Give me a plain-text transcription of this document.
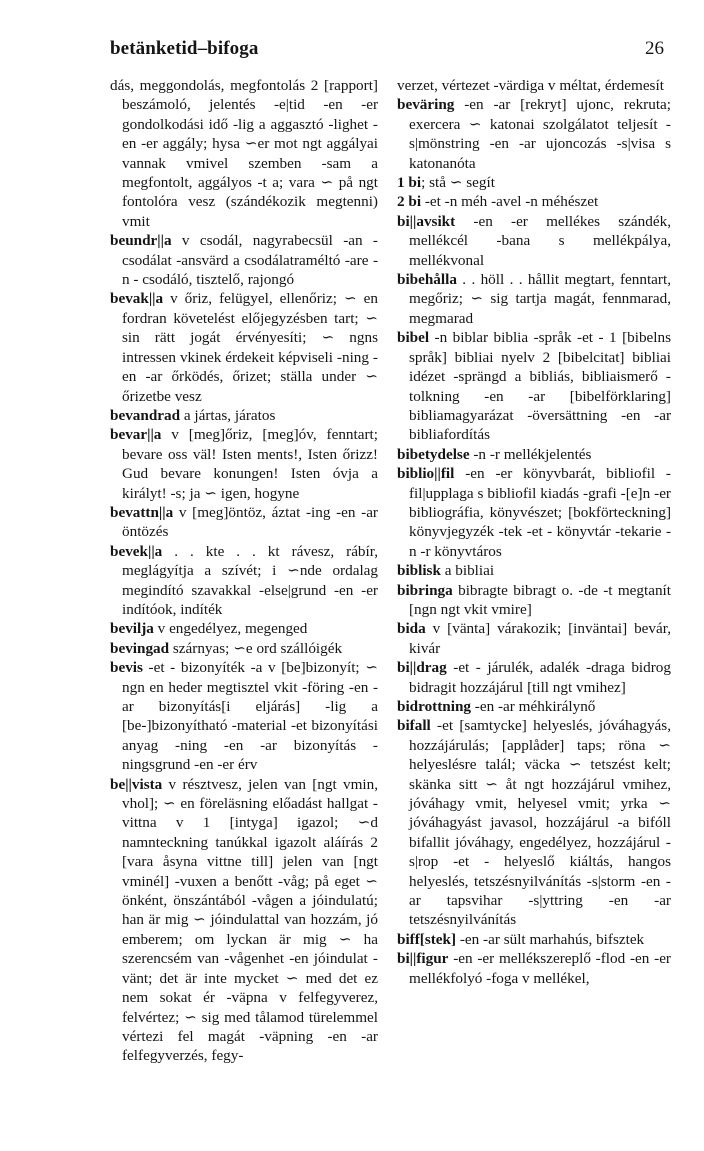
betänketid–bifoga	26

dás, meggondolás, megfontolás 2 [rapport] beszámoló, jelentés -e|tid -en -er gondolkodási idő -lig a aggasztó -lighet -en -er aggály; hysa ∽er mot ngt aggályai vannak vmivel szemben -sam a megfontolt, aggályos -t a; vara ∽ på ngt fontolóra vesz (szándékozik megtenni) vmit

beundr||a v csodál, nagyrabecsül -an - csodálat -ansvärd a csodálatraméltó -are -n - csodáló, tisztelő, rajongó

bevak||a v őriz, felügyel, ellenőriz; ∽ en fordran követelést előjegyzésben tart; ∽ sin rätt jogát érvényesíti; ∽ ngns intressen vkinek érdekeit képviseli -ning -en -ar őrködés, őrizet; ställa under ∽ őrizetbe vesz

bevandrad a jártas, járatos

bevar||a v [meg]őriz, [meg]óv, fenntart; bevare oss väl! Isten ments!, Isten őrizz! Gud bevare konungen! Isten óvja a királyt! -s; ja ∽ igen, hogyne

bevattn||a v [meg]öntöz, áztat -ing -en -ar öntözés

bevek||a . . kte . . kt rávesz, rábír, meglágyítja a szívét; i ∽nde ordalag megindító szavakkal -else|grund -en -er indítóok, indíték

bevilja v engedélyez, megenged

bevingad szárnyas; ∽e ord szállóigék

bevis -et - bizonyíték -a v [be]bizonyít; ∽ ngn en heder megtisztel vkit -föring -en -ar bizonyítás[i eljárás] -lig a [be-]bizonyítható -material -et bizonyítási anyag -ning -en -ar bizonyítás -ningsgrund -en -er érv

be||vista v résztvesz, jelen van [ngt vmin, vhol]; ∽ en föreläsning előadást hallgat -vittna v 1 [intyga] igazol; ∽d namnteckning tanúkkal igazolt aláírás 2 [vara åsyna vittne till] jelen van [ngt vminél] -vuxen a benőtt -våg; på eget ∽ önként, önszántából -vågen a jóindulatú; han är mig ∽ jóindulattal van hozzám, jó emberem; om lyckan är mig ∽ ha szerencsém van -vågenhet -en jóindulat -vänt; det är inte mycket ∽ med det ez nem sokat ér -väpna v felfegyverez, felvértez; ∽ sig med tålamod türelemmel vértezi fel magát -väpning -en -ar felfegyverzés, fegy-

verzet, vértezet -värdiga v méltat, érdemesít

beväring -en -ar [rekryt] ujonc, rekruta; exercera ∽ katonai szolgálatot teljesít -s|mönstring -en -ar ujoncozás -s|visa s katonanóta

1 bi; stå ∽ segít

2 bi -et -n méh -avel -n méhészet

bi||avsikt -en -er mellékes szándék, mellékcél -bana s mellékpálya, mellékvonal

bibehålla . . höll . . hållit megtart, fenntart, megőriz; ∽ sig tartja magát, fennmarad, megmarad

bibel -n biblar biblia -språk -et - 1 [bibelns språk] bibliai nyelv 2 [bibelcitat] bibliai idézet -sprängd a bibliás, bibliaismerő -tolkning -en -ar [bibelförklaring] bibliamagyarázat -översättning -en -ar bibliafordítás

bibetydelse -n -r mellékjelentés

biblio||fil -en -er könyvbarát, bibliofil -fil|upplaga s bibliofil kiadás -grafi -[e]n -er bibliográfia, könyvészet; [bokförteckning] könyvjegyzék -tek -et - könyvtár -tekarie -n -r könyvtáros

biblisk a bibliai

bibringa bibragte bibragt o. -de -t megtanít [ngn ngt vkit vmire]

bida v [vänta] várakozik; [inväntai] bevár, kivár

bi||drag -et - járulék, adalék -draga bidrog bidragit hozzájárul [till ngt vmihez]

bidrottning -en -ar méhkirálynő

bifall -et [samtycke] helyeslés, jóváhagyás, hozzájárulás; [applåder] taps; röna ∽ helyeslésre talál; väcka ∽ tetszést kelt; skänka sitt ∽ åt ngt hozzájárul vmihez, jóváhagy vmit, helyesel vmit; yrka ∽ jóváhagyást javasol, hozzájárul -a bifóll bifallit jóváhagy, engedélyez, hozzájárul -s|rop -et - helyeslő kiáltás, hangos helyeslés, tetszésnyilvánítás -s|storm -en -ar tapsvihar -s|yttring -en -ar tetszésnyilvánítás

biff[stek] -en -ar sült marhahús, bifsztek

bi||figur -en -er mellékszereplő -flod -en -er mellékfolyó -foga v mellékel,
